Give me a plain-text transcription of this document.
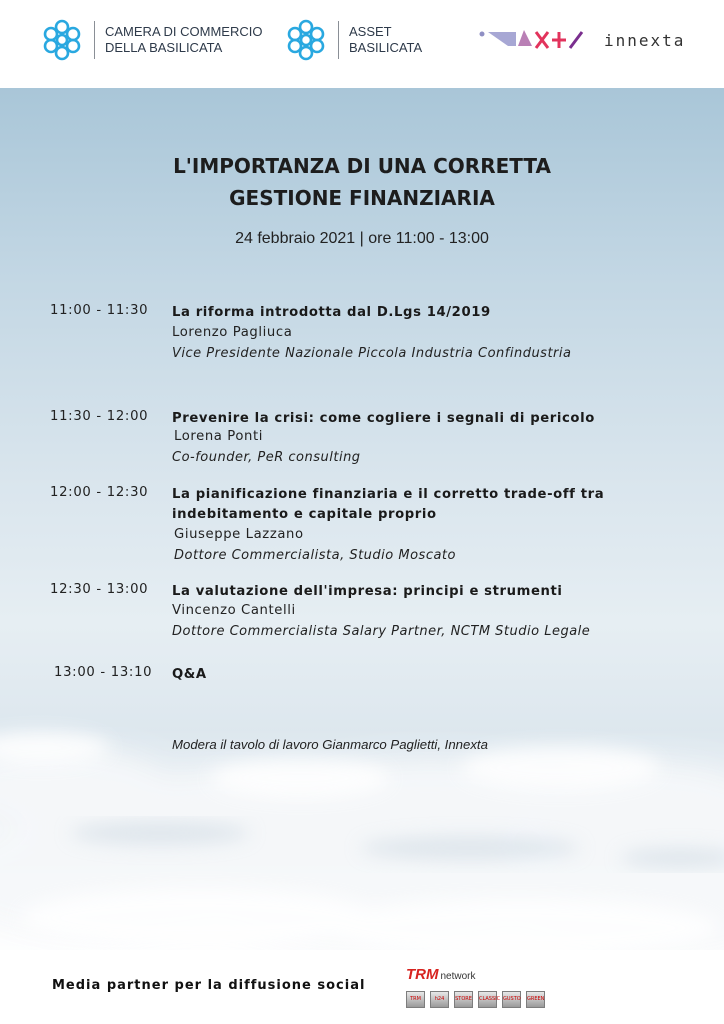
CAMERA DI COMMERCIO
DELLA BASILICATA
ASSET
BASILICATA	innexta
L'IMPORTANZA DI UNA CORRETTA
GESTIONE FINANZIARIA
24 febbraio 2021 | ore 11:00 - 13:00
11:00 - 11:30	La riforma introdotta dal D.Lgs 14/2019
Lorenzo Pagliuca
Vice Presidente Nazionale Piccola Industria Confindustria
11:30 - 12:00	Prevenire la crisi: come cogliere i segnali di pericolo
Lorena Ponti
Co-founder, PeR consulting
12:00 - 12:30	La pianificazione finanziaria e il corretto trade-off tra indebitamento e capitale proprio
Giuseppe Lazzano
Dottore Commercialista, Studio Moscato
12:30 - 13:00	La valutazione dell'impresa: principi e strumenti
Vincenzo Cantelli
Dottore Commercialista Salary Partner, NCTM Studio Legale
13:00 - 13:10	Q&A
Modera il tavolo di lavoro Gianmarco Paglietti, Innexta
Media partner per la diffusione social
TRM network
TRM	h24	STORE CLASSIC GUSTO GREEN
